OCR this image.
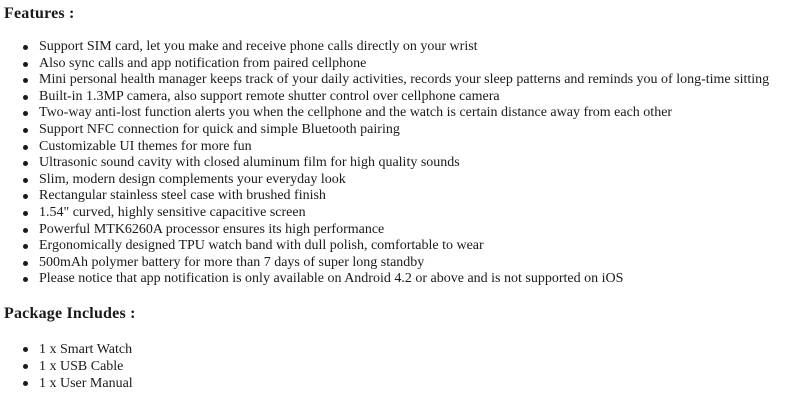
Features :
Support SIM card, let you make and receive phone calls directly on your wrist
Also sync calls and app notification from paired cellphone
Mini personal health manager keeps track of your daily activities, records your sleep patterns and reminds you of long-time sitting
Built-in 1.3MP camera, also support remote shutter control over cellphone camera
Two-way anti-lost function alerts you when the cellphone and the watch is certain distance away from each other
Support NFC connection for quick and simple Bluetooth pairing
Customizable UI themes for more fun
Ultrasonic sound cavity with closed aluminum film for high quality sounds
Slim, modern design complements your everyday look
Rectangular stainless steel case with brushed finish
1.54" curved, highly sensitive capacitive screen
Powerful MTK6260A processor ensures its high performance
Ergonomically designed TPU watch band with dull polish, comfortable to wear
500mAh polymer battery for more than 7 days of super long standby
Please notice that app notification is only available on Android 4.2 or above and is not supported on iOS
Package Includes :
1 x Smart Watch
1 x USB Cable
1 x User Manual
